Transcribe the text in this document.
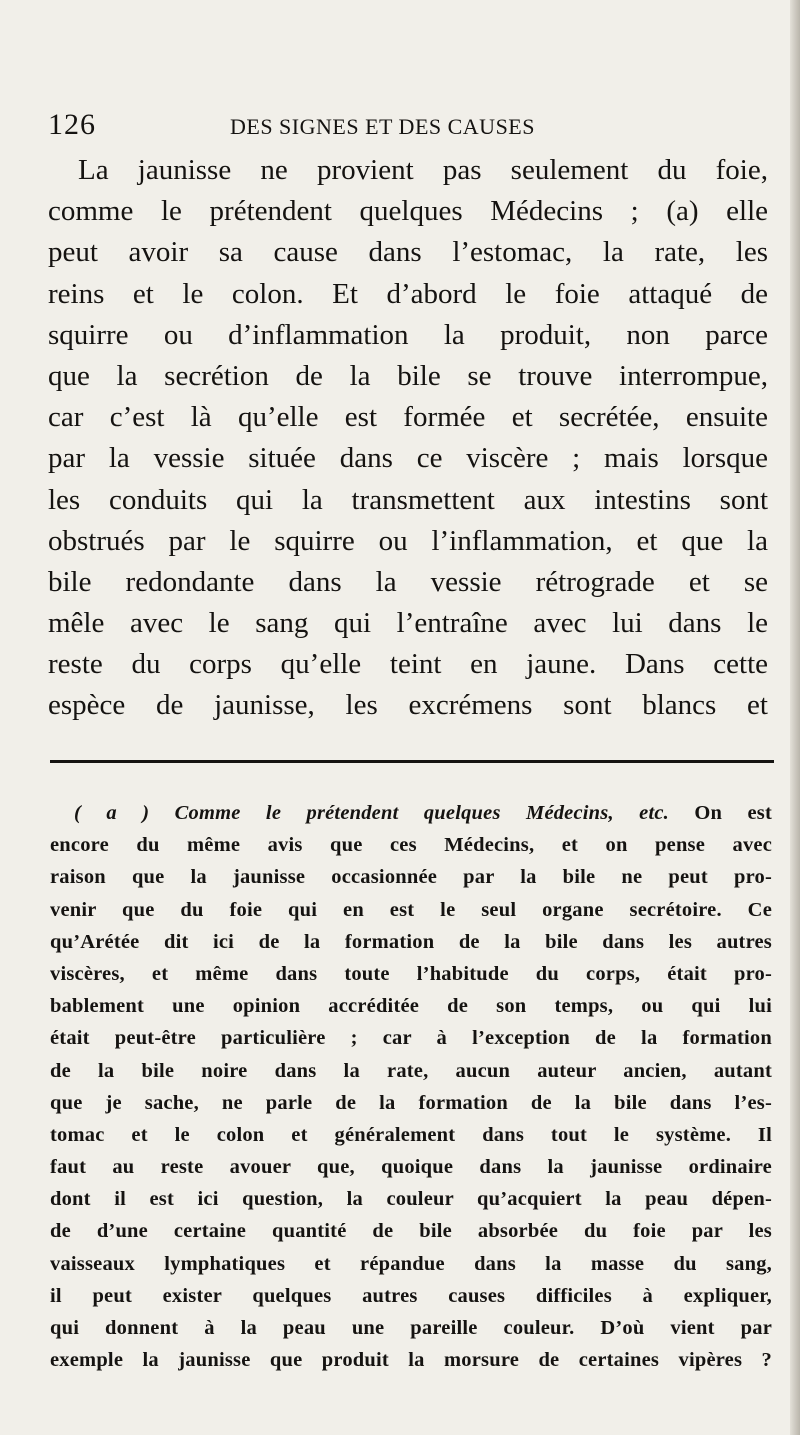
126	DES SIGNES ET DES CAUSES
La jaunisse ne provient pas seulement du foie,
comme le prétendent quelques Médecins ; (a) elle
peut avoir sa cause dans l’estomac, la rate, les
reins et le colon. Et d’abord le foie attaqué de
squirre ou d’inflammation la produit, non parce
que la secrétion de la bile se trouve interrompue,
car c’est là qu’elle est formée et secrétée, ensuite
par la vessie située dans ce viscère ; mais lorsque
les conduits qui la transmettent aux intestins sont
obstrués par le squirre ou l’inflammation, et que la
bile redondante dans la vessie rétrograde et se
mêle avec le sang qui l’entraîne avec lui dans le
reste du corps qu’elle teint en jaune. Dans cette
espèce de jaunisse, les excrémens sont blancs et
( a ) Comme le prétendent quelques Médecins, etc. On est
encore du même avis que ces Médecins, et on pense avec
raison que la jaunisse occasionnée par la bile ne peut pro-
venir que du foie qui en est le seul organe secrétoire. Ce
qu’Arétée dit ici de la formation de la bile dans les autres
viscères, et même dans toute l’habitude du corps, était pro-
bablement une opinion accréditée de son temps, ou qui lui
était peut-être particulière ; car à l’exception de la formation
de la bile noire dans la rate, aucun auteur ancien, autant
que je sache, ne parle de la formation de la bile dans l’es-
tomac et le colon et généralement dans tout le système. Il
faut au reste avouer que, quoique dans la jaunisse ordinaire
dont il est ici question, la couleur qu’acquiert la peau dépen-
de d’une certaine quantité de bile absorbée du foie par les
vaisseaux lymphatiques et répandue dans la masse du sang,
il peut exister quelques autres causes difficiles à expliquer,
qui donnent à la peau une pareille couleur. D’où vient par
exemple la jaunisse que produit la morsure de certaines vipères ?
